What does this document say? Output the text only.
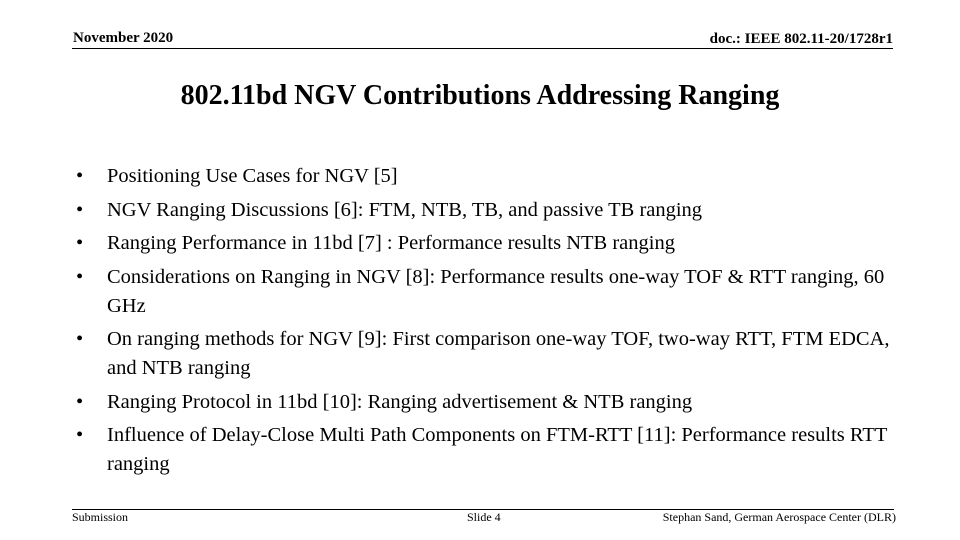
November 2020	doc.: IEEE 802.11-20/1728r1
802.11bd NGV Contributions Addressing Ranging
• Positioning Use Cases for NGV [5]
• NGV Ranging Discussions [6]: FTM, NTB, TB, and passive TB ranging
• Ranging Performance in 11bd [7] : Performance results NTB ranging
• Considerations on Ranging in NGV [8]: Performance results one-way TOF & RTT ranging, 60 GHz
• On ranging methods for NGV [9]: First comparison one-way TOF, two-way RTT, FTM EDCA, and NTB ranging
• Ranging Protocol in 11bd [10]: Ranging advertisement & NTB ranging
• Influence of Delay-Close Multi Path Components on FTM-RTT [11]: Performance results RTT ranging
Submission	Slide 4	Stephan Sand, German Aerospace Center (DLR)
